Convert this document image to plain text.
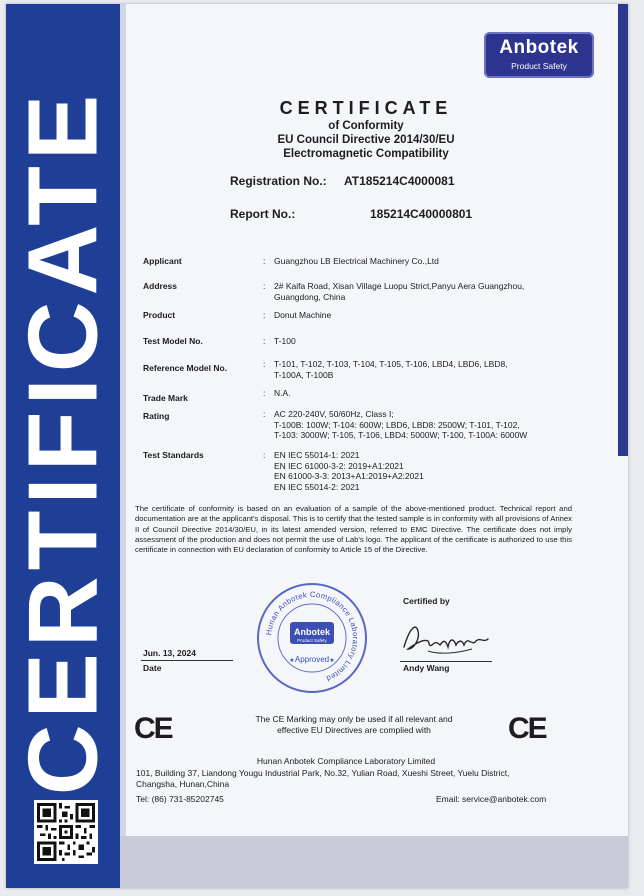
CERTIFICATE
Anbotek
Product Safety
CERTIFICATE
of Conformity
EU Council Directive 2014/30/EU
Electromagnetic Compatibility
Registration No.: AT185214C4000081
Report No.:	185214C40000801
Applicant	: Guangzhou LB Electrical Machinery Co.,Ltd
Address	: 2# Kaifa Road, Xisan Village Luopu Strict,Panyu Aera Guangzhou,
Guangdong, China
Product	: Donut Machine
Test Model No.	: T-100
Reference Model No.	: T-101, T-102, T-103, T-104, T-105, T-106, LBD4, LBD6, LBD8,
T-100A, T-100B
Trade Mark	: N.A.
Rating	: AC 220-240V, 50/60Hz, Class I;
T-100B: 100W; T-104: 600W; LBD6, LBD8: 2500W; T-101, T-102,
T-103: 3000W; T-105, T-106, LBD4: 5000W; T-100, T-100A: 6000W
Test Standards	: EN IEC 55014-1: 2021
EN IEC 61000-3-2: 2019+A1:2021
EN 61000-3-3: 2013+A1:2019+A2:2021
EN IEC 55014-2: 2021
The certificate of conformity is based on an evaluation of a sample of the above-mentioned product. Technical report and documentation are at the applicant's disposal. This is to certify that the tested sample is in conformity with all provisions of Annex II of Council Directive 2014/30/EU, in its latest amended version, referred to EMC Directive. The certificate does not imply assessment of the production and does not permit the use of Lab's logo. The applicant of the certificate is authorized to use this certificate in connection with EU declaration of conformity to Article 15 of the Directive.
Hunan Anbotek Compliance Laboratory Limited
Anbotek
Product Safety
Approved
★	★
Certified by
Andy Wang
Jun. 13, 2024
Date
CE	The CE Marking may only be used if all relevant and
effective EU Directives are complied with	CE
Hunan Anbotek Compliance Laboratory Limited
101, Building 37, Liandong Yougu Industrial Park, No.32, Yulian Road, Xueshi Street, Yuelu District,
Changsha, Hunan,China
Tel: (86) 731-85202745	Email: service@anbotek.com
